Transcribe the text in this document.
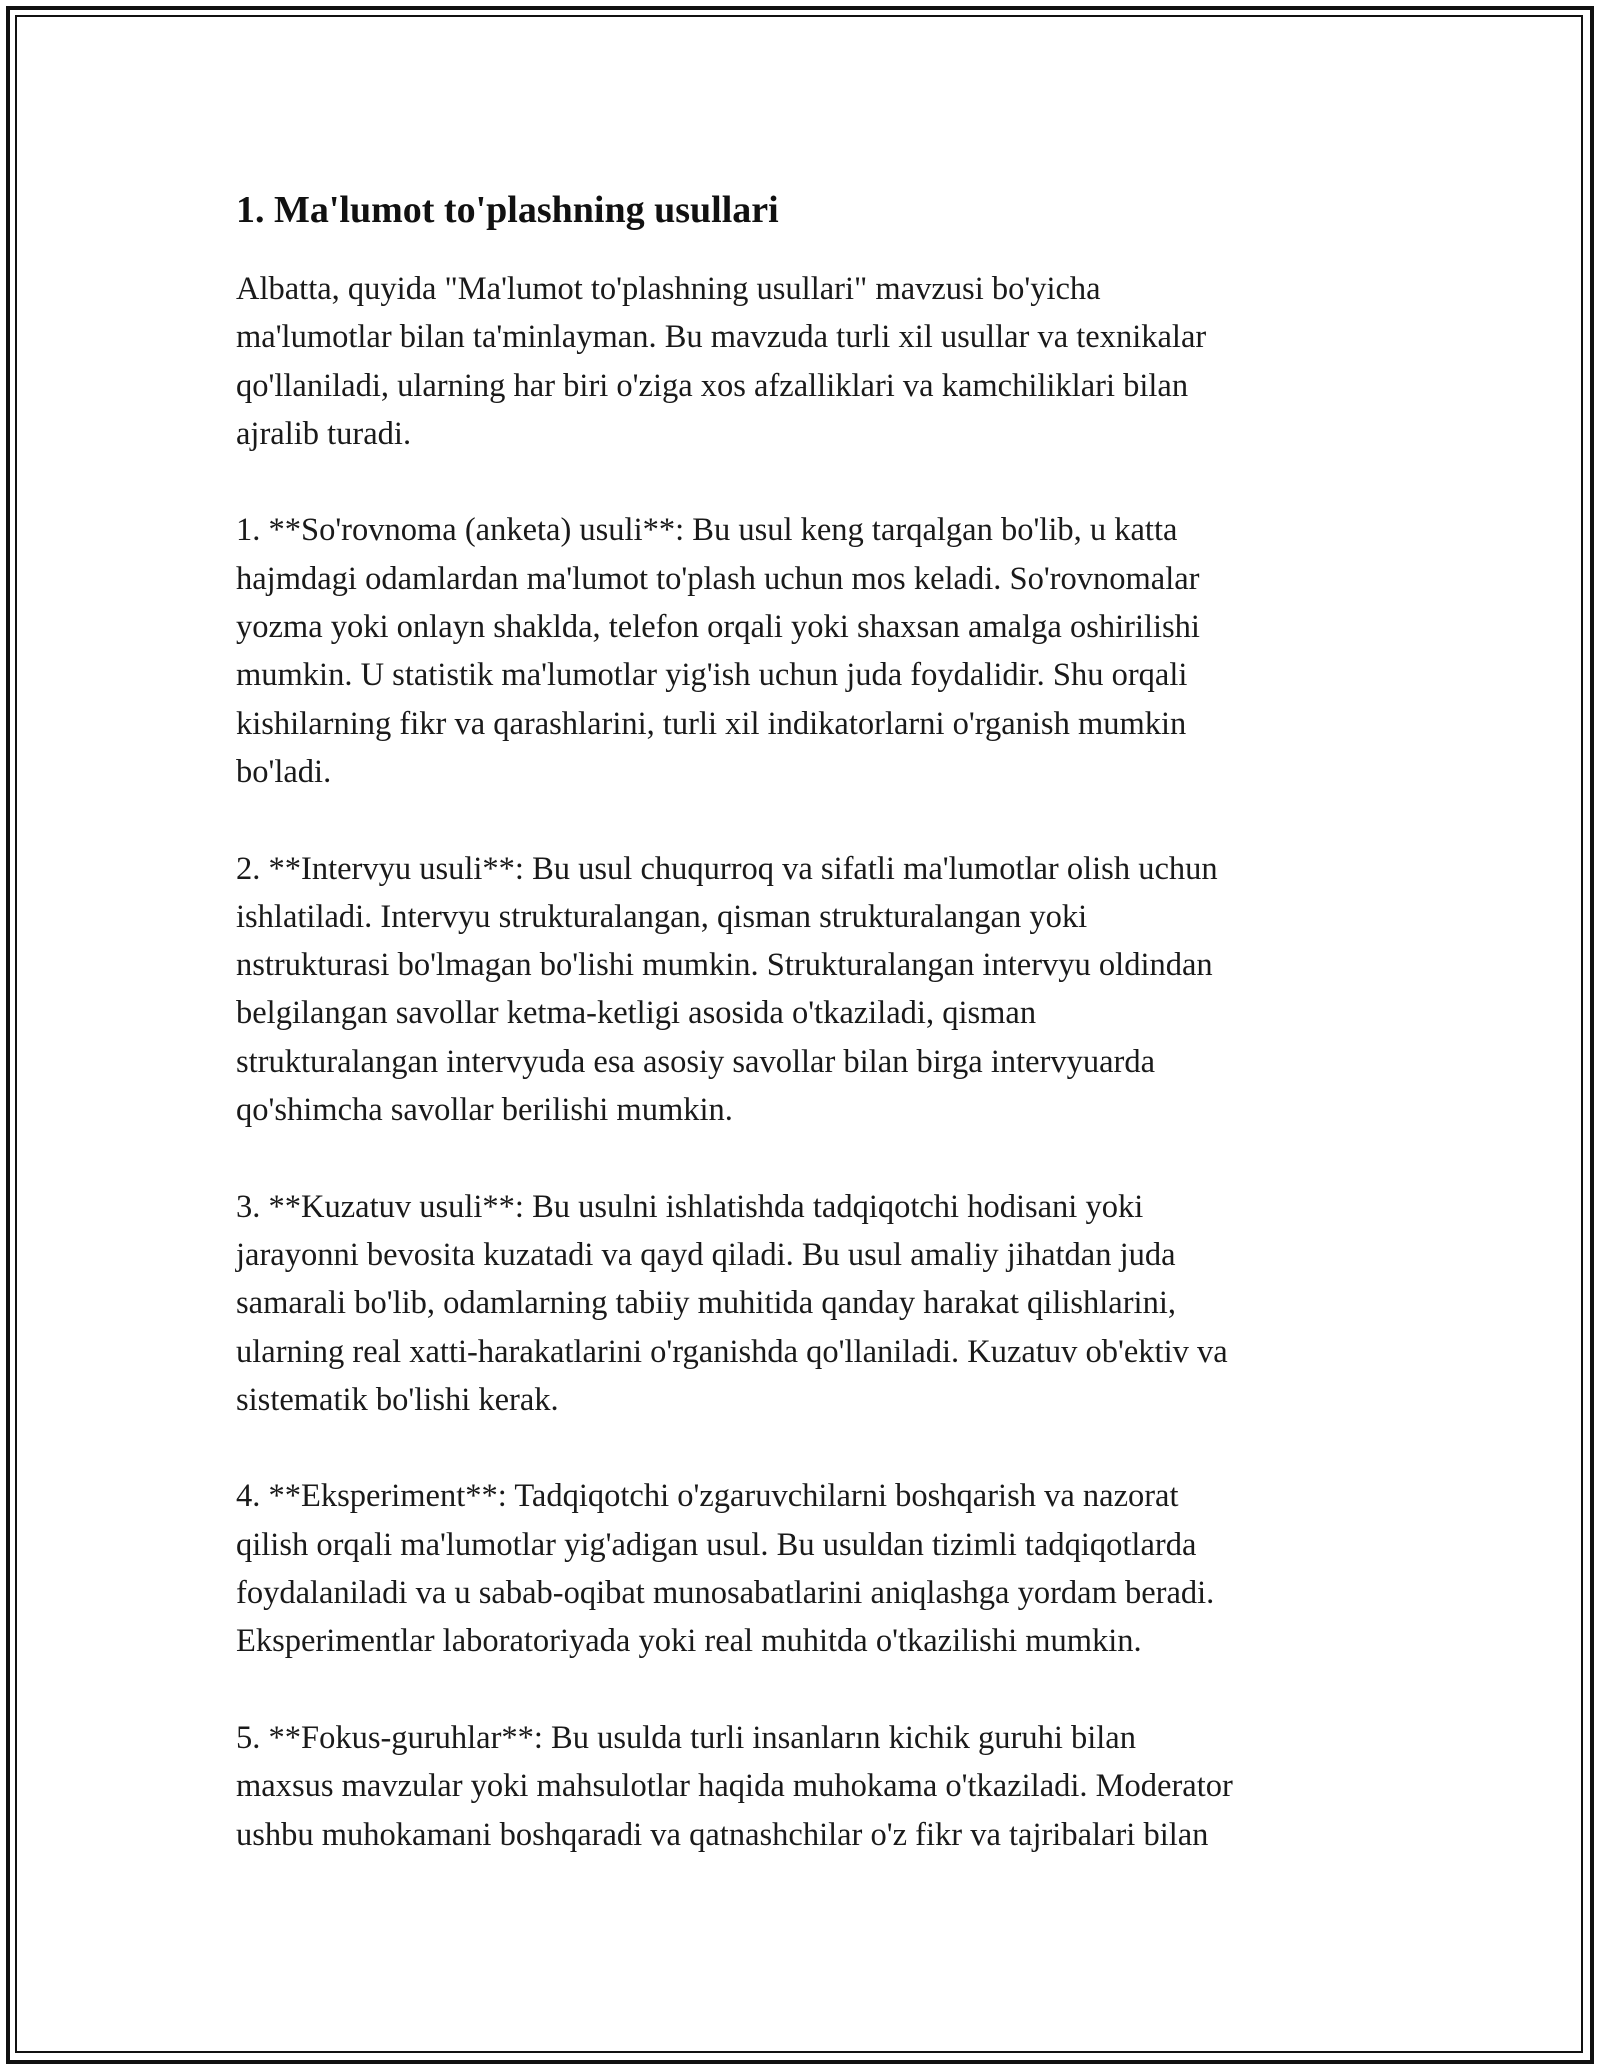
1. Ma'lumot to'plashning usullari

Albatta, quyida "Ma'lumot to'plashning usullari" mavzusi bo'yicha
ma'lumotlar bilan ta'minlayman. Bu mavzuda turli xil usullar va texnikalar
qo'llaniladi, ularning har biri o'ziga xos afzalliklari va kamchiliklari bilan
ajralib turadi.

1. **So'rovnoma (anketa) usuli**: Bu usul keng tarqalgan bo'lib, u katta
hajmdagi odamlardan ma'lumot to'plash uchun mos keladi. So'rovnomalar
yozma yoki onlayn shaklda, telefon orqali yoki shaxsan amalga oshirilishi
mumkin. U statistik ma'lumotlar yig'ish uchun juda foydalidir. Shu orqali
kishilarning fikr va qarashlarini, turli xil indikatorlarni o'rganish mumkin
bo'ladi.

2. **Intervyu usuli**: Bu usul chuqurroq va sifatli ma'lumotlar olish uchun
ishlatiladi. Intervyu strukturalangan, qisman strukturalangan yoki
nstrukturasi bo'lmagan bo'lishi mumkin. Strukturalangan intervyu oldindan
belgilangan savollar ketma-ketligi asosida o'tkaziladi, qisman
strukturalangan intervyuda esa asosiy savollar bilan birga intervyuarda
qo'shimcha savollar berilishi mumkin.

3. **Kuzatuv usuli**: Bu usulni ishlatishda tadqiqotchi hodisani yoki
jarayonni bevosita kuzatadi va qayd qiladi. Bu usul amaliy jihatdan juda
samarali bo'lib, odamlarning tabiiy muhitida qanday harakat qilishlarini,
ularning real xatti-harakatlarini o'rganishda qo'llaniladi. Kuzatuv ob'ektiv va
sistematik bo'lishi kerak.

4. **Eksperiment**: Tadqiqotchi o'zgaruvchilarni boshqarish va nazorat
qilish orqali ma'lumotlar yig'adigan usul. Bu usuldan tizimli tadqiqotlarda
foydalaniladi va u sabab-oqibat munosabatlarini aniqlashga yordam beradi.
Eksperimentlar laboratoriyada yoki real muhitda o'tkazilishi mumkin.

5. **Fokus-guruhlar**: Bu usulda turli insanların kichik guruhi bilan
maxsus mavzular yoki mahsulotlar haqida muhokama o'tkaziladi. Moderator
ushbu muhokamani boshqaradi va qatnashchilar o'z fikr va tajribalari bilan
